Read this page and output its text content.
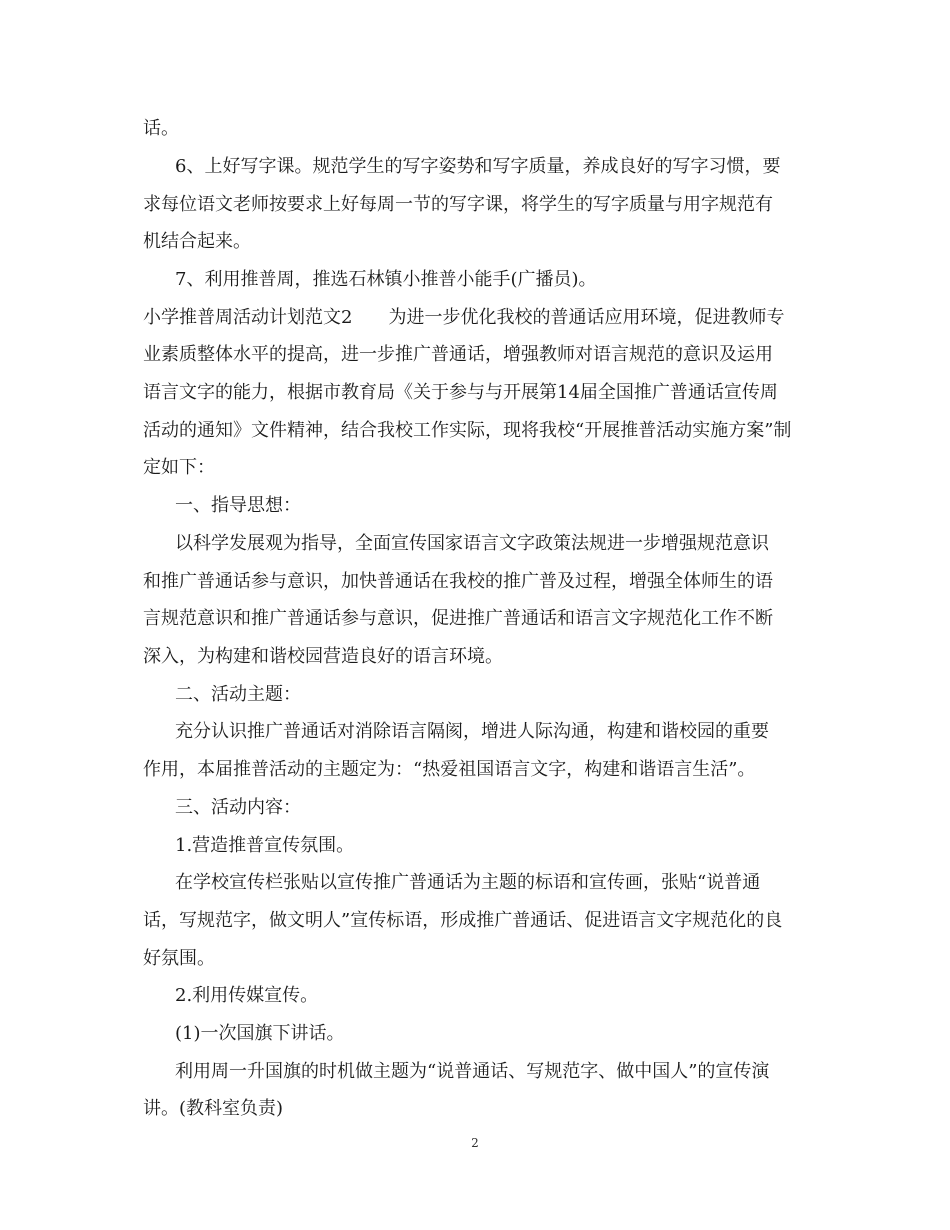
话。
6、上好写字课。规范学生的写字姿势和写字质量，养成良好的写字习惯，要
求每位语文老师按要求上好每周一节的写字课，将学生的写字质量与用字规范有
机结合起来。
7、利用推普周，推选石林镇小推普小能手(广播员)。
小学推普周活动计划范文2　　为进一步优化我校的普通话应用环境，促进教师专
业素质整体水平的提高，进一步推广普通话，增强教师对语言规范的意识及运用
语言文字的能力，根据市教育局《关于参与与开展第14届全国推广普通话宣传周
活动的通知》文件精神，结合我校工作实际，现将我校“开展推普活动实施方案”制
定如下：
一、指导思想：
以科学发展观为指导，全面宣传国家语言文字政策法规进一步增强规范意识
和推广普通话参与意识，加快普通话在我校的推广普及过程，增强全体师生的语
言规范意识和推广普通话参与意识，促进推广普通话和语言文字规范化工作不断
深入，为构建和谐校园营造良好的语言环境。
二、活动主题：
充分认识推广普通话对消除语言隔阂，增进人际沟通，构建和谐校园的重要
作用，本届推普活动的主题定为：“热爱祖国语言文字，构建和谐语言生活”。
三、活动内容：
1.营造推普宣传氛围。
在学校宣传栏张贴以宣传推广普通话为主题的标语和宣传画，张贴“说普通
话，写规范字，做文明人”宣传标语，形成推广普通话、促进语言文字规范化的良
好氛围。
2.利用传媒宣传。
(1)一次国旗下讲话。
利用周一升国旗的时机做主题为“说普通话、写规范字、做中国人”的宣传演
讲。(教科室负责)
2
